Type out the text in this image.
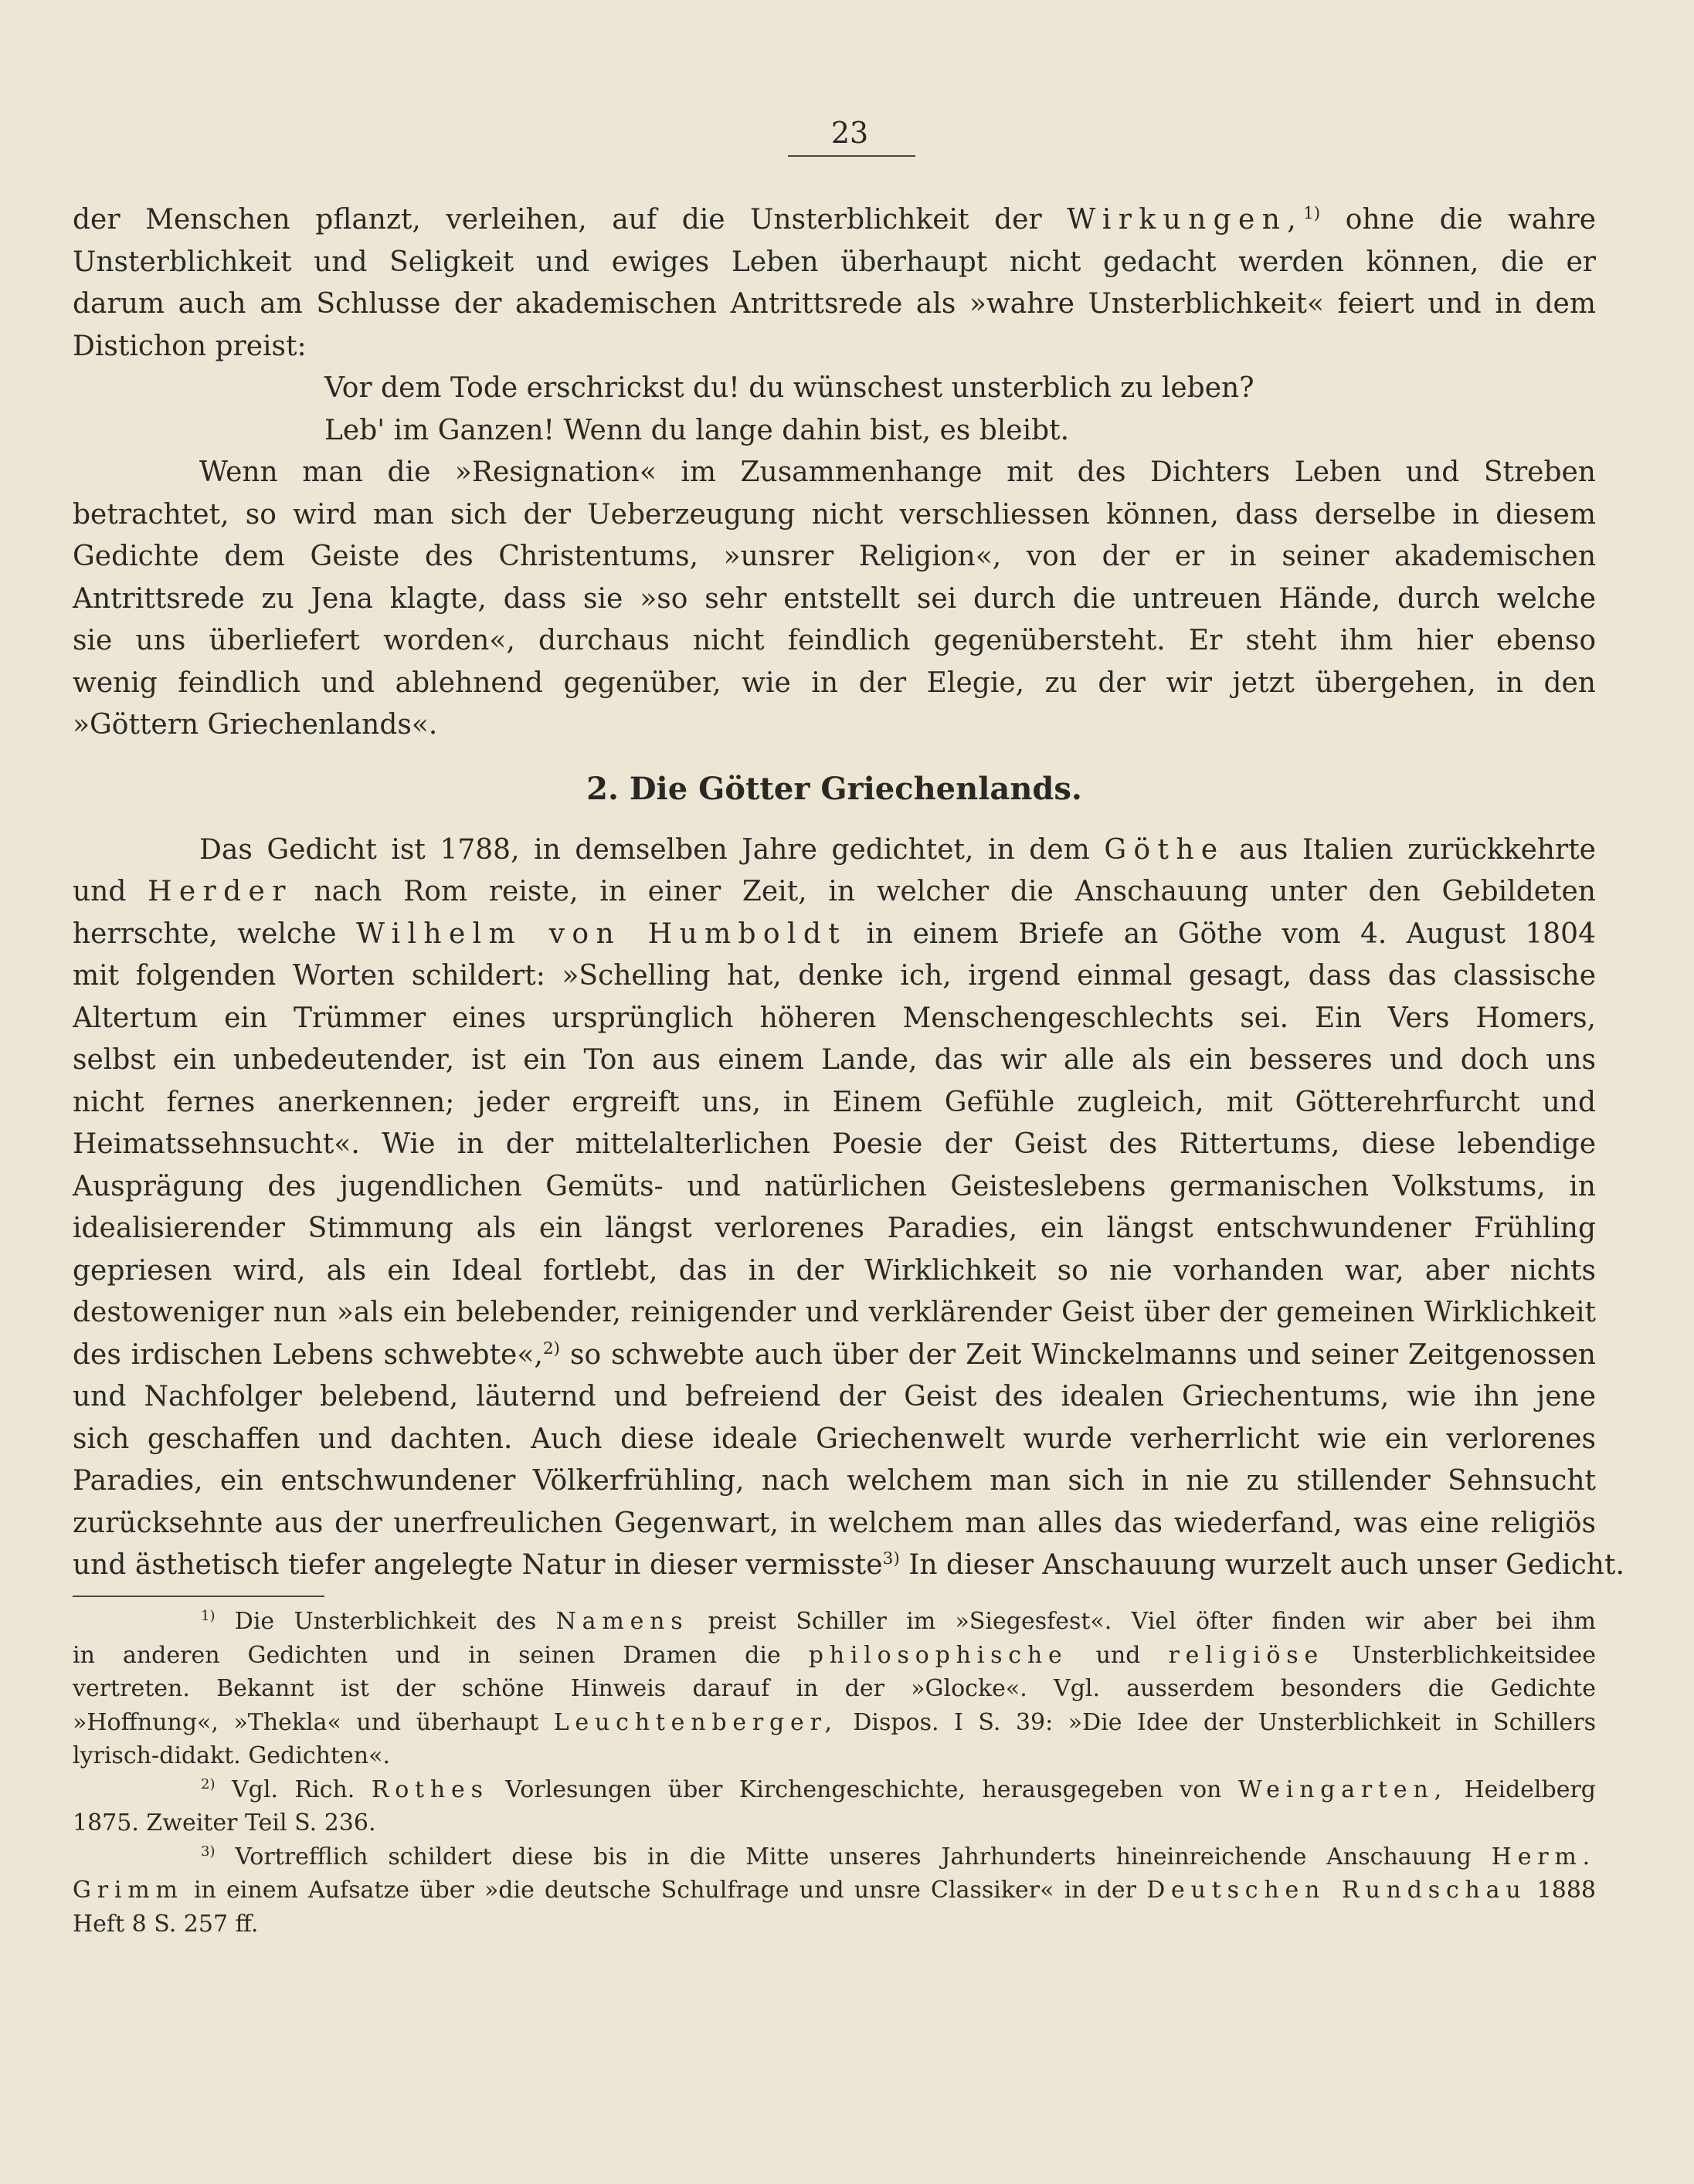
23
der Menschen pflanzt, verleihen, auf die Unsterblichkeit der Wirkungen,$^{1)}$ ohne die wahre
Unsterblichkeit und Seligkeit und ewiges Leben überhaupt nicht gedacht werden können, die er
darum auch am Schlusse der akademischen Antrittsrede als »wahre Unsterblichkeit« feiert und in dem
Distichon preist:
Vor dem Tode erschrickst du! du wünschest unsterblich zu leben?
Leb' im Ganzen! Wenn du lange dahin bist, es bleibt.
Wenn man die »Resignation« im Zusammenhange mit des Dichters Leben und Streben
betrachtet, so wird man sich der Ueberzeugung nicht verschliessen können, dass derselbe in diesem
Gedichte dem Geiste des Christentums, »unsrer Religion«, von der er in seiner akademischen
Antrittsrede zu Jena klagte, dass sie »so sehr entstellt sei durch die untreuen Hände, durch welche
sie uns überliefert worden«, durchaus nicht feindlich gegenübersteht. Er steht ihm hier ebenso
wenig feindlich und ablehnend gegenüber, wie in der Elegie, zu der wir jetzt übergehen, in den
»Göttern Griechenlands«.
2. Die Götter Griechenlands.
Das Gedicht ist 1788, in demselben Jahre gedichtet, in dem Göthe aus Italien zurückkehrte
und Herder nach Rom reiste, in einer Zeit, in welcher die Anschauung unter den Gebildeten
herrschte, welche Wilhelm von Humboldt in einem Briefe an Göthe vom 4. August 1804
mit folgenden Worten schildert: »Schelling hat, denke ich, irgend einmal gesagt, dass das classische
Altertum ein Trümmer eines ursprünglich höheren Menschengeschlechts sei. Ein Vers Homers,
selbst ein unbedeutender, ist ein Ton aus einem Lande, das wir alle als ein besseres und doch uns
nicht fernes anerkennen; jeder ergreift uns, in Einem Gefühle zugleich, mit Götterehrfurcht und
Heimatssehnsucht«. Wie in der mittelalterlichen Poesie der Geist des Rittertums, diese lebendige
Ausprägung des jugendlichen Gemüts- und natürlichen Geisteslebens germanischen Volkstums, in
idealisierender Stimmung als ein längst verlorenes Paradies, ein längst entschwundener Frühling
gepriesen wird, als ein Ideal fortlebt, das in der Wirklichkeit so nie vorhanden war, aber nichts
destoweniger nun »als ein belebender, reinigender und verklärender Geist über der gemeinen Wirklichkeit
des irdischen Lebens schwebte«,$^{2)}$ so schwebte auch über der Zeit Winckelmanns und seiner Zeitgenossen
und Nachfolger belebend, läuternd und befreiend der Geist des idealen Griechentums, wie ihn jene
sich geschaffen und dachten. Auch diese ideale Griechenwelt wurde verherrlicht wie ein verlorenes
Paradies, ein entschwundener Völkerfrühling, nach welchem man sich in nie zu stillender Sehnsucht
zurücksehnte aus der unerfreulichen Gegenwart, in welchem man alles das wiederfand, was eine religiös
und ästhetisch tiefer angelegte Natur in dieser vermisste$^{3)}$ In dieser Anschauung wurzelt auch unser Gedicht.
$^{1)}$ Die Unsterblichkeit des Namens preist Schiller im »Siegesfest«. Viel öfter finden wir aber bei ihm
in anderen Gedichten und in seinen Dramen die philosophische und religiöse Unsterblichkeitsidee
vertreten. Bekannt ist der schöne Hinweis darauf in der »Glocke«. Vgl. ausserdem besonders die Gedichte
»Hoffnung«, »Thekla« und überhaupt Leuchtenberger, Dispos. I S. 39: »Die Idee der Unsterblichkeit in Schillers
lyrisch-didakt. Gedichten«.
$^{2)}$ Vgl. Rich. Rothes Vorlesungen über Kirchengeschichte, herausgegeben von Weingarten, Heidelberg
1875. Zweiter Teil S. 236.
$^{3)}$ Vortrefflich schildert diese bis in die Mitte unseres Jahrhunderts hineinreichende Anschauung Herm.
Grimm in einem Aufsatze über »die deutsche Schulfrage und unsre Classiker« in der Deutschen Rundschau 1888
Heft 8 S. 257 ff.
